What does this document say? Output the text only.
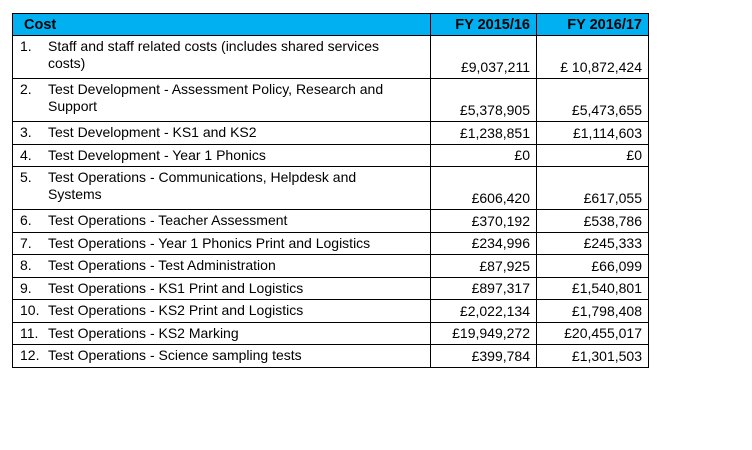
Cost	FY 2015/16	FY 2016/17

1. Staff and staff related costs (includes shared services
costs)	£9,037,211	£ 10,872,424

2. Test Development - Assessment Policy, Research and
Support	£5,378,905	£5,473,655

3. Test Development - KS1 and KS2	£1,238,851	£1,114,603

4. Test Development - Year 1 Phonics	£0	£0

5. Test Operations - Communications, Helpdesk and
Systems	£606,420	£617,055

6. Test Operations - Teacher Assessment	£370,192	£538,786

7. Test Operations - Year 1 Phonics Print and Logistics	£234,996	£245,333

8. Test Operations - Test Administration	£87,925	£66,099

9. Test Operations - KS1 Print and Logistics	£897,317	£1,540,801

10. Test Operations - KS2 Print and Logistics	£2,022,134	£1,798,408

11. Test Operations - KS2 Marking	£19,949,272	£20,455,017

12. Test Operations - Science sampling tests	£399,784	£1,301,503
